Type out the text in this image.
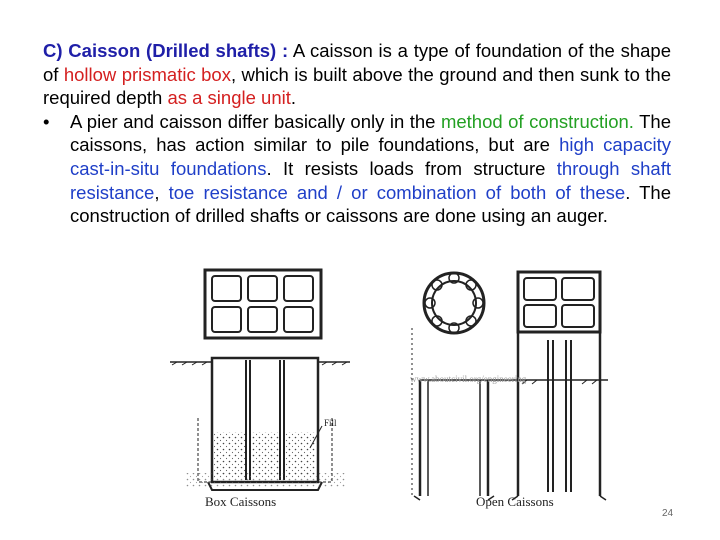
C) Caisson (Drilled shafts) : A caisson is a type of foundation of the shape of hollow prismatic box, which is built above the ground and then sunk to the required depth as a single unit.

• A pier and caisson differ basically only in the method of construction. The caissons, has action similar to pile foundations, but are high capacity cast-in-situ foundations. It resists loads from structure through shaft resistance, toe resistance and / or combination of both of these. The construction of drilled shafts or caissons are done using an auger.

Fill
www.aboutcivil.org/engineering
Box Caissons	Open Caissons
24
